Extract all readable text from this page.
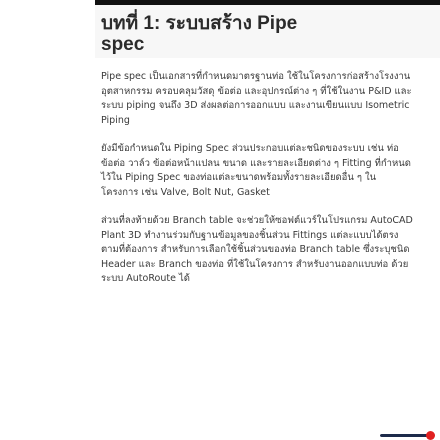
บทที่ 1: ระบบสร้าง Pipe
spec

Pipe spec เป็นเอกสารที่กำหนดมาตรฐานท่อ ใช้ในโครงการก่อสร้างโรงงานอุตสาหกรรม ครอบคลุมวัสดุ ข้อต่อ และอุปกรณ์ต่าง ๆ ที่ใช้ในงาน P&ID และระบบ piping จนถึง 3D ส่งผลต่อการออกแบบ และงานเขียนแบบ Isometric Piping

ยังมีข้อกำหนดใน Piping Spec ส่วนประกอบแต่ละชนิดของระบบ เช่น ท่อ ข้อต่อ วาล์ว ข้อต่อหน้าแปลน ขนาด และรายละเอียดต่าง ๆ Fitting ที่กำหนดไว้ใน Piping Spec ของท่อแต่ละขนาดพร้อมทั้งรายละเอียดอื่น ๆ ในโครงการ เช่น Valve, Bolt Nut, Gasket

ส่วนที่ลงท้ายด้วย Branch table จะช่วยให้ซอฟต์แวร์ในโปรแกรม AutoCAD Plant 3D ทำงานร่วมกับฐานข้อมูลของชิ้นส่วน Fittings แต่ละแบบได้ตรงตามที่ต้องการ สำหรับการเลือกใช้ชิ้นส่วนของท่อ Branch table ซึ่งระบุชนิด Header และ Branch ของท่อ ที่ใช้ในโครงการ สำหรับงานออกแบบท่อ ด้วยระบบ AutoRoute ได้
